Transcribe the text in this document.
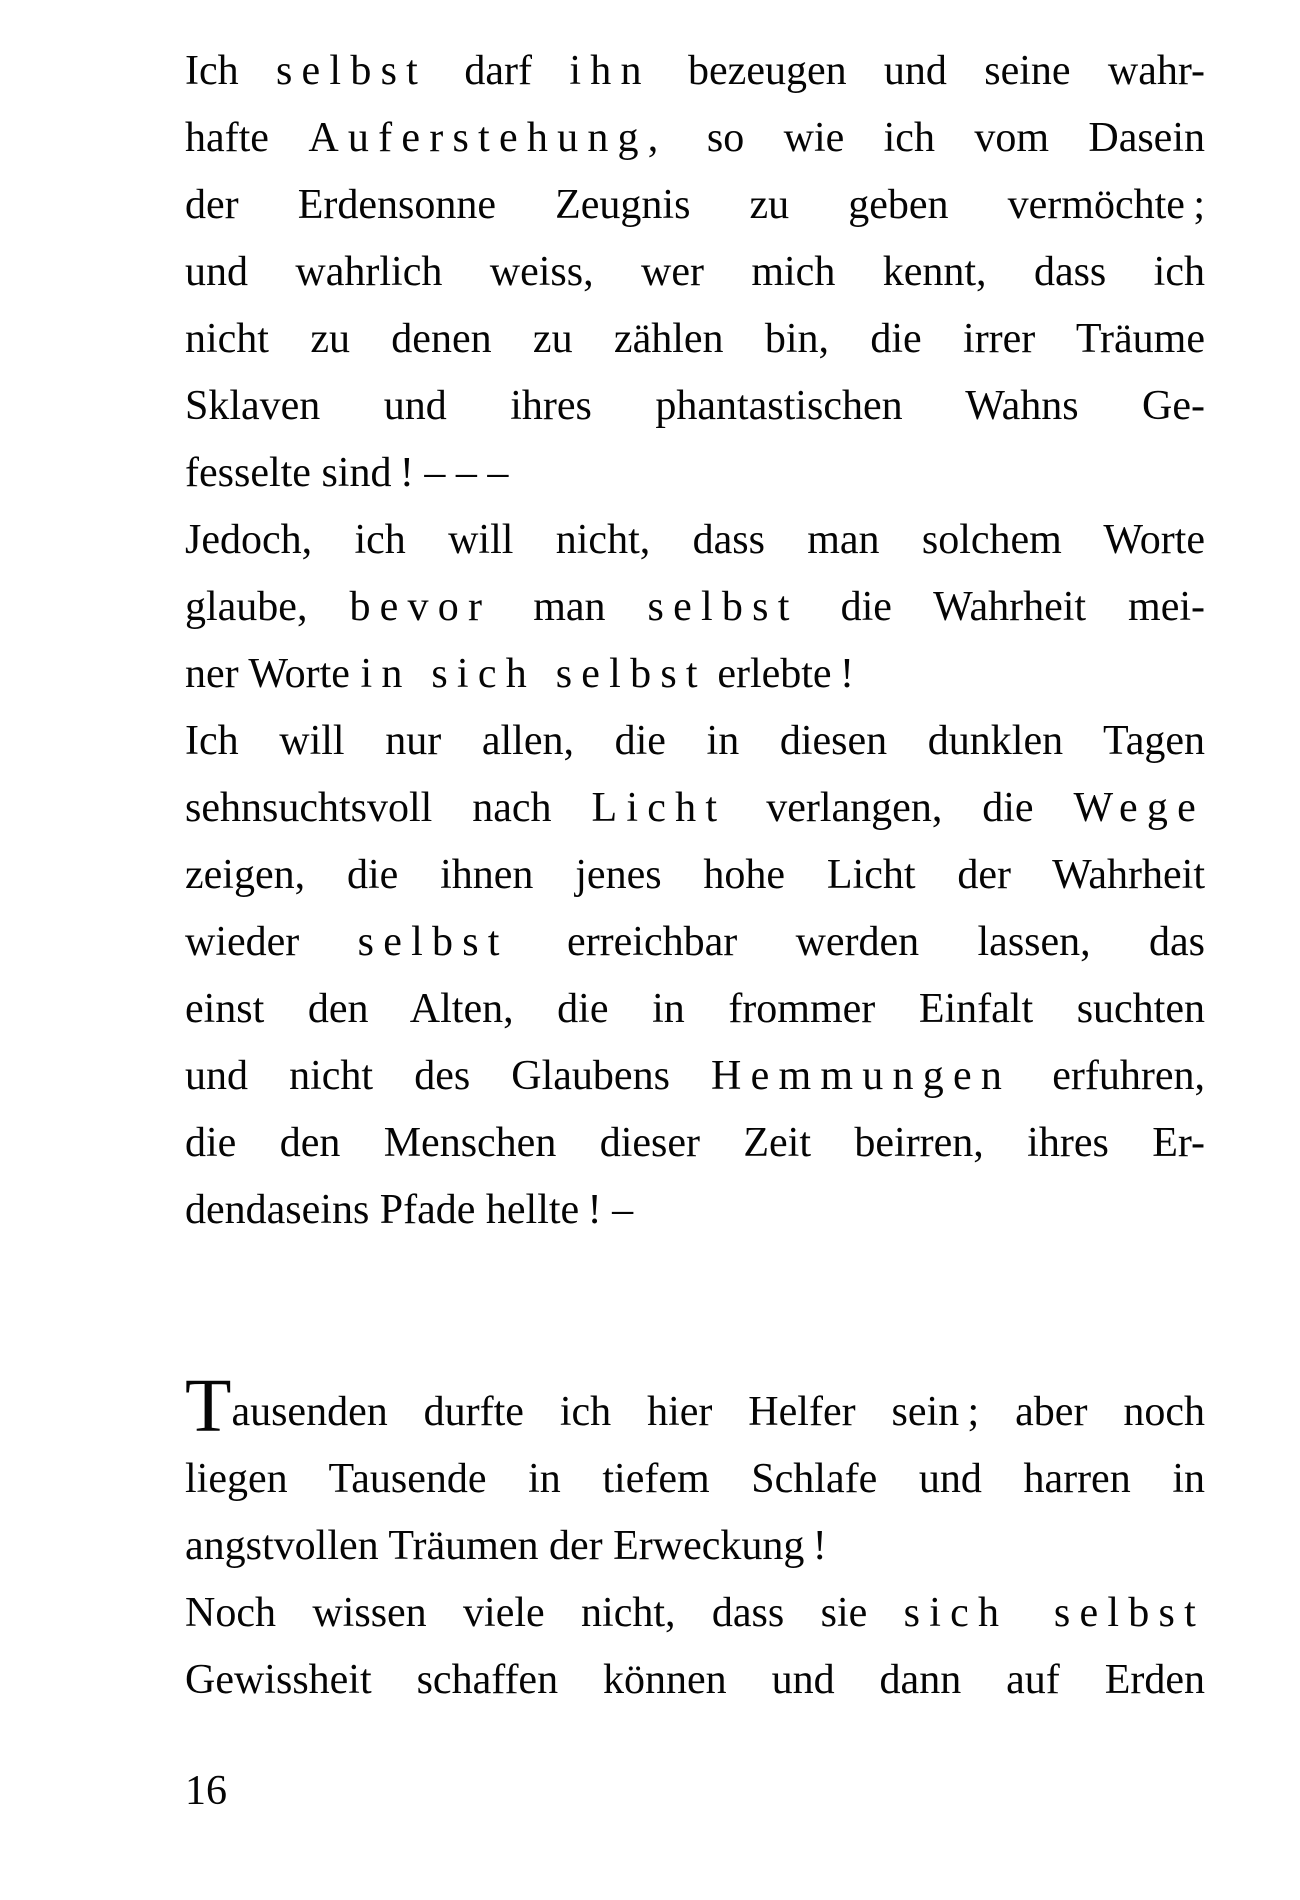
Ich selbst darf ihn bezeugen und seine wahr-
hafte Auferstehung, so wie ich vom Dasein
der Erdensonne Zeugnis zu geben vermöchte ;
und wahrlich weiss, wer mich kennt, dass ich
nicht zu denen zu zählen bin, die irrer Träume
Sklaven und ihres phantastischen Wahns Ge-
fesselte sind ! – – –
Jedoch, ich will nicht, dass man solchem Worte
glaube, bevor man selbst die Wahrheit mei-
ner Worte in sich selbst erlebte !
Ich will nur allen, die in diesen dunklen Tagen
sehnsuchtsvoll nach Licht verlangen, die Wege
zeigen, die ihnen jenes hohe Licht der Wahrheit
wieder selbst erreichbar werden lassen, das
einst den Alten, die in frommer Einfalt suchten
und nicht des Glaubens Hemmungen erfuhren,
die den Menschen dieser Zeit beirren, ihres Er-
dendaseins Pfade hellte ! –
Tausenden durfte ich hier Helfer sein ; aber noch
liegen Tausende in tiefem Schlafe und harren in
angstvollen Träumen der Erweckung !
Noch wissen viele nicht, dass sie sich selbst
Gewissheit schaffen können und dann auf Erden
16
